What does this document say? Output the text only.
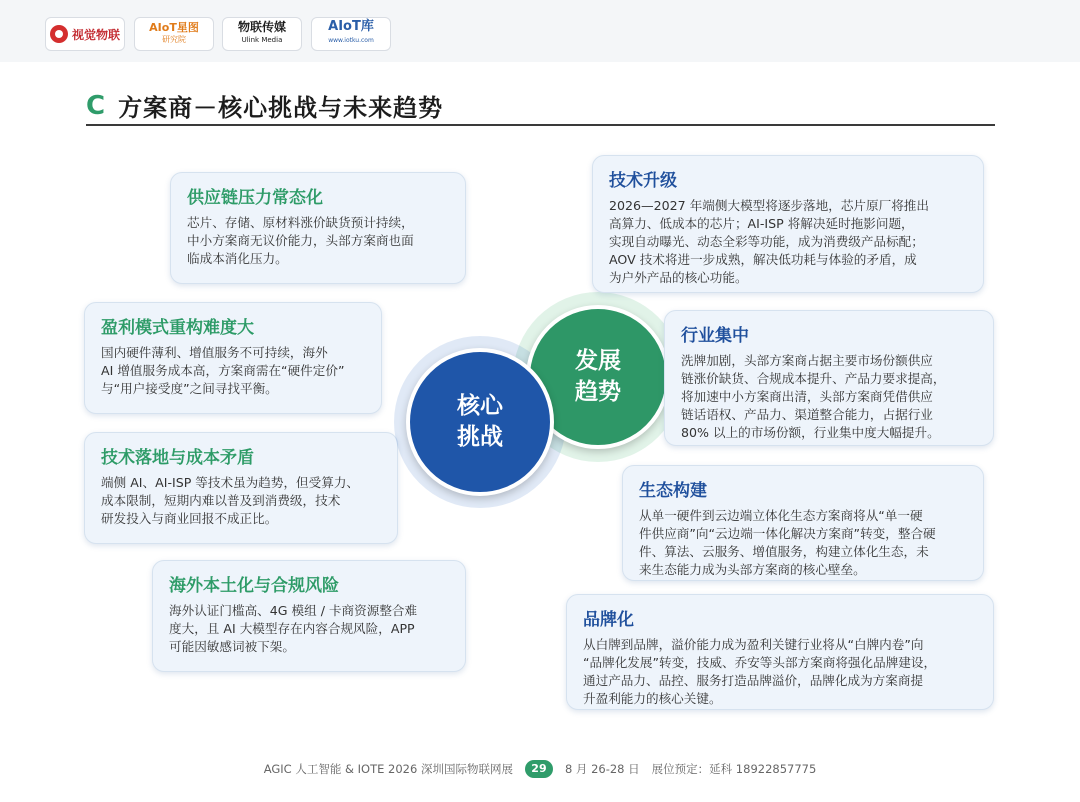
视觉物联	AIoT星图
研究院
物联传媒
Ulink Media
AIoT库
www.iotku.com
C 方案商－核心挑战与未来趋势
供应链压力常态化
芯片、存储、原材料涨价缺货预计持续，
中小方案商无议价能力，头部方案商也面
临成本消化压力。
盈利模式重构难度大
国内硬件薄利、增值服务不可持续，海外
AI 增值服务成本高，方案商需在“硬件定价”
与“用户接受度”之间寻找平衡。
技术落地与成本矛盾
端侧 AI、AI-ISP 等技术虽为趋势，但受算力、
成本限制，短期内难以普及到消费级，技术
研发投入与商业回报不成正比。
海外本土化与合规风险
海外认证门槛高、4G 模组 / 卡商资源整合难
度大，且 AI 大模型存在内容合规风险，APP
可能因敏感词被下架。
发展
趋势
核心
挑战
技术升级
2026—2027 年端侧大模型将逐步落地，芯片原厂将推出
高算力、低成本的芯片；AI-ISP 将解决延时拖影问题，
实现自动曝光、动态全彩等功能，成为消费级产品标配；
AOV 技术将进一步成熟，解决低功耗与体验的矛盾，成
为户外产品的核心功能。
行业集中
洗牌加剧，头部方案商占据主要市场份额供应
链涨价缺货、合规成本提升、产品力要求提高，
将加速中小方案商出清，头部方案商凭借供应
链话语权、产品力、渠道整合能力，占据行业
80% 以上的市场份额，行业集中度大幅提升。
生态构建
从单一硬件到云边端立体化生态方案商将从“单一硬
件供应商”向“云边端一体化解决方案商”转变，整合硬
件、算法、云服务、增值服务，构建立体化生态，未
来生态能力成为头部方案商的核心壁垒。
品牌化
从白牌到品牌，溢价能力成为盈利关键行业将从“白牌内卷”向
“品牌化发展”转变，技威、乔安等头部方案商将强化品牌建设，
通过产品力、品控、服务打造品牌溢价，品牌化成为方案商提
升盈利能力的核心关键。
AGIC 人工智能 & IOTE 2026 深圳国际物联网展	29	8 月 26-28 日 展位预定：延科 18922857775
